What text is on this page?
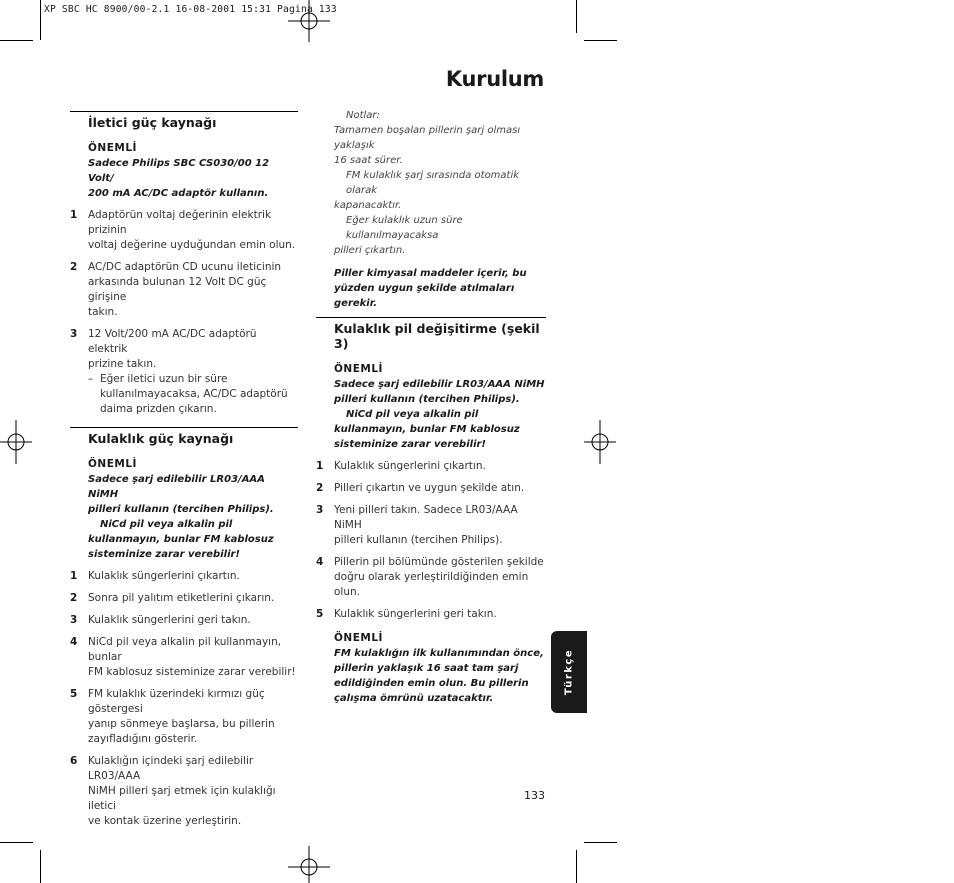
XP SBC HC 8900/00-2.1 16-08-2001 15:31 Pagina 133
Kurulum
İletici güç kaynağı
ÖNEMLİ
Sadece Philips SBC CS030/00 12 Volt/
200 mA AC/DC adaptör kullanın.
1	Adaptörün voltaj değerinin elektrik prizinin
voltaj değerine uyduğundan emin olun.
2	AC/DC adaptörün CD ucunu ileticinin
arkasında bulunan 12 Volt DC güç girişine
takın.
3	12 Volt/200 mA AC/DC adaptörü elektrik
prizine takın.
– Eğer iletici uzun bir süre
kullanılmayacaksa, AC/DC adaptörü
daima prizden çıkarın.
Kulaklık güç kaynağı
ÖNEMLİ
Sadece şarj edilebilir LR03/AAA NiMH
pilleri kullanın (tercihen Philips).
NiCd pil veya alkalin pil
kullanmayın, bunlar FM kablosuz
sisteminize zarar verebilir!
1	Kulaklık süngerlerini çıkartın.
2	Sonra pil yalıtım etiketlerini çıkarın.
3	Kulaklık süngerlerini geri takın.
4	NiCd pil veya alkalin pil kullanmayın, bunlar
FM kablosuz sisteminize zarar verebilir!
5	FM kulaklık üzerindeki kırmızı güç göstergesi
yanıp sönmeye başlarsa, bu pillerin
zayıfladığını gösterir.
6	Kulaklığın içindeki şarj edilebilir LR03/AAA
NiMH pilleri şarj etmek için kulaklığı iletici
ve kontak üzerine yerleştirin.
Notlar:
Tamamen boşalan pillerin şarj olması yaklaşık
16 saat sürer.
FM kulaklık şarj sırasında otomatik olarak
kapanacaktır.
Eğer kulaklık uzun süre kullanılmayacaksa
pilleri çıkartın.
Piller kimyasal maddeler içerir, bu
yüzden uygun şekilde atılmaları gerekir.
Kulaklık pil değişitirme (şekil 3)
ÖNEMLİ
Sadece şarj edilebilir LR03/AAA NiMH
pilleri kullanın (tercihen Philips).
NiCd pil veya alkalin pil
kullanmayın, bunlar FM kablosuz
sisteminize zarar verebilir!
1	Kulaklık süngerlerini çıkartın.
2	Pilleri çıkartın ve uygun şekilde atın.
3	Yeni pilleri takın. Sadece LR03/AAA NiMH
pilleri kullanın (tercihen Philips).
4	Pillerin pil bölümünde gösterilen şekilde
doğru olarak yerleştirildiğinden emin olun.
5	Kulaklık süngerlerini geri takın.
ÖNEMLİ
FM kulaklığın ilk kullanımından önce,
pillerin yaklaşık 16 saat tam şarj
edildiğinden emin olun. Bu pillerin
çalışma ömrünü uzatacaktır.
Türkçe
133
